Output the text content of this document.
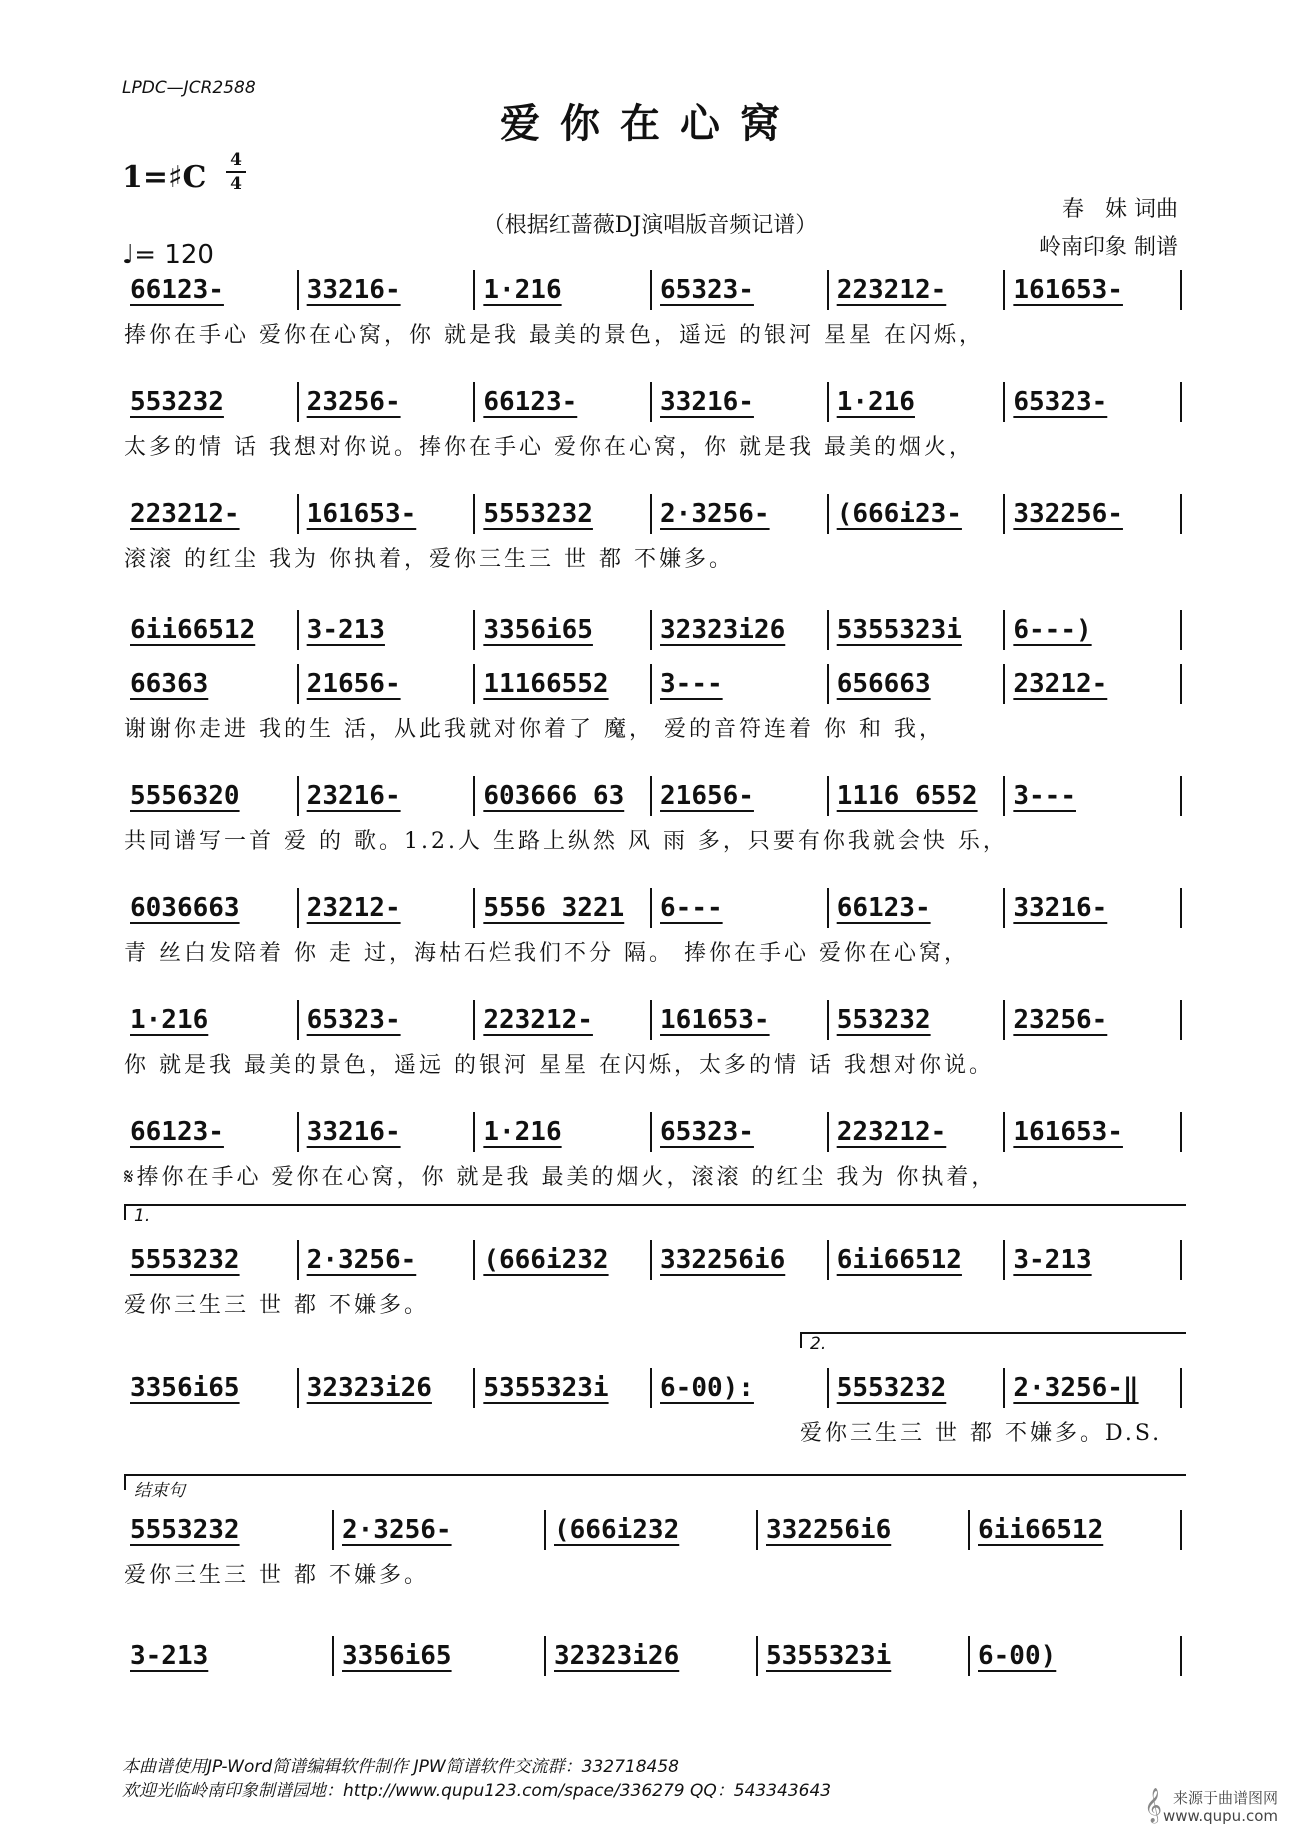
LPDC—JCR2588
爱你在心窝
1=♯C 4
4
♩= 120
（根据红蔷薇DJ演唱版音频记谱）
春   妹 词曲
岭南印象 制谱
66123-	33216-	1·216	65323-	223212-	161653-
捧你在手心 爱你在心窝，你 就是我 最美的景色，遥远 的银河 星星 在闪烁，
553232	23256-	66123-	33216-	1·216	65323-
太多的情 话 我想对你说。捧你在手心 爱你在心窝，你 就是我 最美的烟火，
223212-	161653-	5553232	2·3256-	(666i23-	332256-
滚滚 的红尘 我为 你执着，爱你三生三 世 都 不嫌多。
6ii66512	3-213	3356i65	32323i26	5355323i	6---)
66363	21656-	11166552	3---	656663	23212-
谢谢你走进 我的生 活，从此我就对你着了 魔， 爱的音符连着 你 和 我，
5556320	23216-	603666 63	21656-	1116 6552	3---
共同谱写一首 爱 的 歌。1.2.人 生路上纵然 风 雨 多，只要有你我就会快 乐，
6036663	23212-	5556 3221	6---	66123-	33216-
青 丝白发陪着 你 走 过，海枯石烂我们不分 隔。 捧你在手心 爱你在心窝，
1·216	65323-	223212-	161653-	553232	23256-
你 就是我 最美的景色，遥远 的银河 星星 在闪烁，太多的情 话 我想对你说。
66123-	33216-	1·216	65323-	223212-	161653-
𝄋捧你在手心 爱你在心窝，你 就是我 最美的烟火，滚滚 的红尘 我为 你执着，
1.
5553232	2·3256-	(666i232	332256i6	6ii66512	3-213
爱你三生三 世 都 不嫌多。
3356i65	32323i26	5355323i	6-00):	5553232	2·3256-‖
2.
爱你三生三 世 都 不嫌多。D.S.
结束句
5553232	2·3256-	(666i232	332256i6	6ii66512
爱你三生三 世 都 不嫌多。
3-213	3356i65	32323i26	5355323i	6-00)
本曲谱使用JP-Word简谱编辑软件制作 JPW简谱软件交流群：332718458
欢迎光临岭南印象制谱园地：http://www.qupu123.com/space/336279 QQ：543343643	𝄞 来源于曲谱图网
www.qupu.com
